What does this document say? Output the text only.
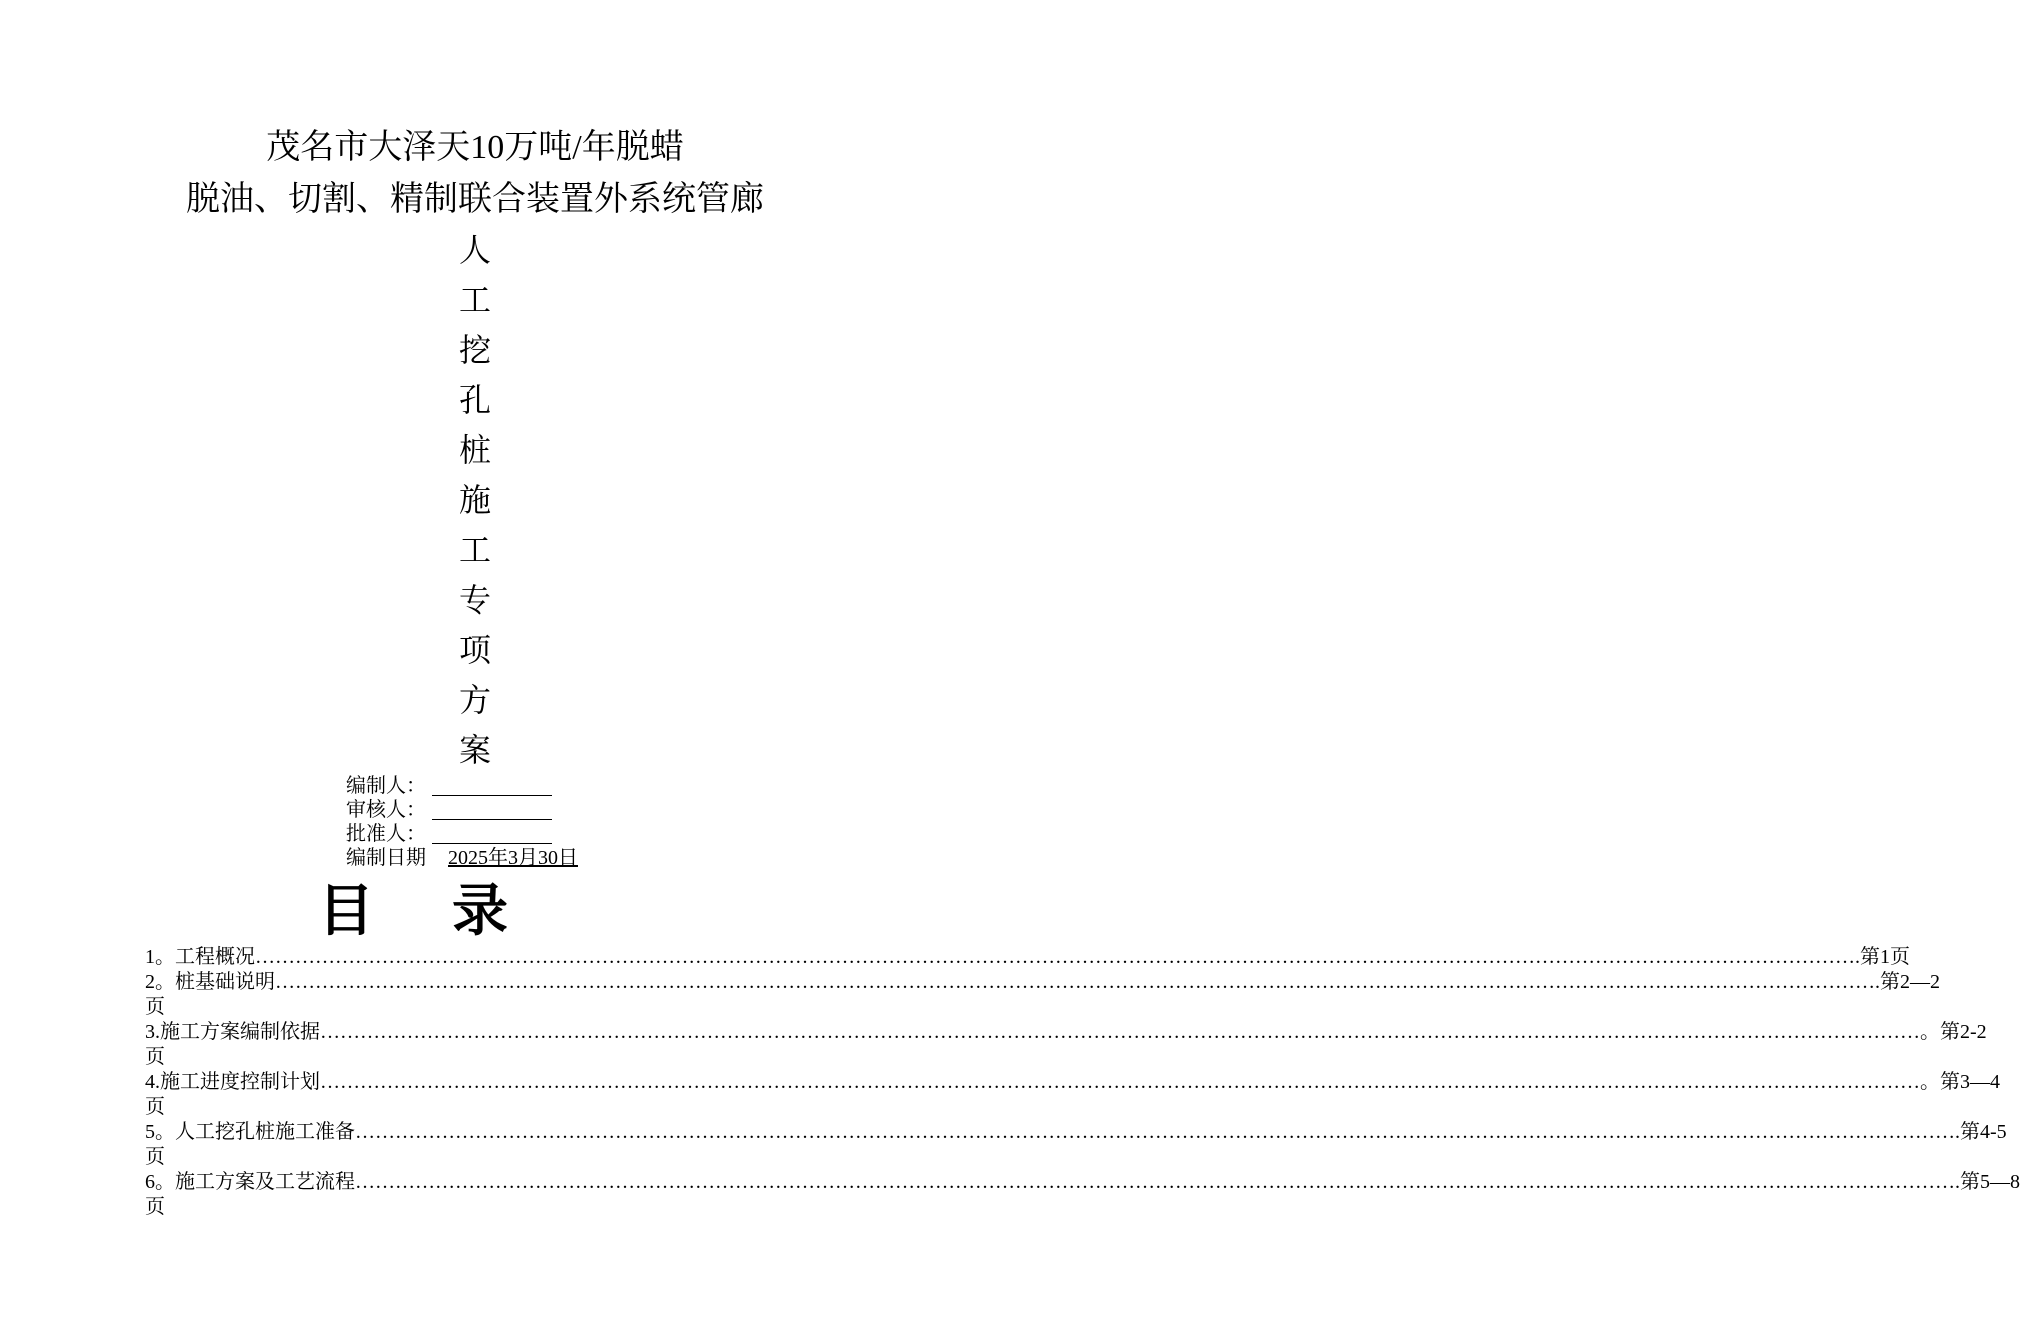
茂名市大泽天10万吨/年脱蜡
脱油、切割、精制联合装置外系统管廊
人
工
挖
孔
桩
施
工
专
项
方
案
编制人：
审核人：
批准人：
编制日期 2025年3月30日
目 录
1。工程概况 …………………………………………………………………………………………………………………………………………………………………………………………………………………… .第1页
2。桩基础说明 …………………………………………………………………………………………………………………………………………………………………………………………………………………… .第2—2
页
3.施工方案编制依据 …………………………………………………………………………………………………………………………………………………………………………………………………………………… 。第2-2
页
4.施工进度控制计划 …………………………………………………………………………………………………………………………………………………………………………………………………………………… 。第3—4
页
5。人工挖孔桩施工准备 …………………………………………………………………………………………………………………………………………………………………………………………………………………… .第4-5
页
6。施工方案及工艺流程 …………………………………………………………………………………………………………………………………………………………………………………………………………………… .第5—8
页
